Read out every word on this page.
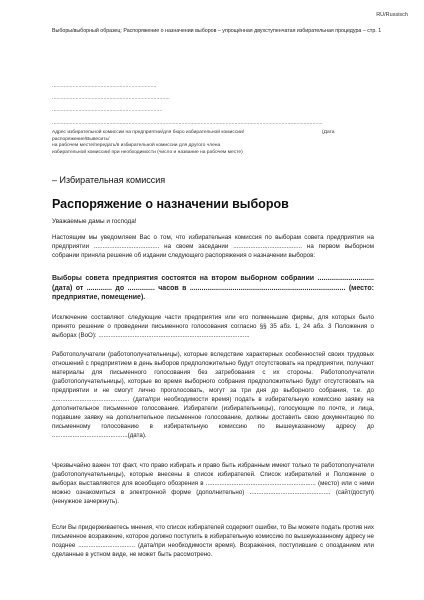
RU/Russisch
Выборы/выборный образец: Распоряжение о назначении выборов – упрощённая двухступенчатая избирательная процедура – стр. 1
.......................................................................
................................................................................
...........................................................................
........................................................................................................................................................................................
Адрес избирательной комиссии на предприятии/для бюро избирательной комиссии/
распоряжение/Вывесить/
на рабочем месте/передать/в избирательной комиссии для другого члена
избирательной комиссии/ при необходимости (число и название на рабочем месте)
(Дата
– Избирательная комиссия
Распоряжение о назначении выборов
Уважаемые дамы и господа!
Настоящим мы уведомляем Вас о том, что избирательная комиссия по выборам совета предприятия на предприятии ...................................... на своем заседании ........................................ на первом выборном собрании приняла решение об издании следующего распоряжения о назначении выборов:
Выборы совета предприятия состоятся на втором выборном собрании ............................. (дата) от ............. до .............. часов в ................................................................................ (место: предприятие, помещение).
Исключение составляют следующие части предприятия или его полменьшие фирмы, для которых было принято решение о проведении письменного голосования согласно §§ 35 абз. 1, 24 абз. 3 Положения о выборах (BoO): ........................................................................................
Работополучатели (работополучательницы), которые вследствие характерных особенностей своих трудовых отношений с предприятием в день выборов предположительно будут отсутствовать на предприятии, получают материалы для письменного голосования без затребования с их стороны. Работополучатели (работополучательницы), которые во время выборного собрания предположительно будут отсутствовать на предприятии и не смогут лично проголосовать, могут за три дня до выборного собрания, т.е. до ............................................. (дата/при необходимости время) подать в избирательную комиссию заявку на дополнительное письменное голосование. Избиратели (избирательницы), голосующие по почте, и лица, подавшие заявку на дополнительное письменное голосование, должны доставить свою документацию по письменному голосованию в избирательную комиссию по вышеуказанному адресу до ............................................(дата).
Чрезвычайно важен тот факт, что право избирать и право быть избранным имеют только те работополучатели (работополучательницы), которые внесены в список избирателей. Список избирателей и Положение о выборах выставляются для всеобщего обозрения в ................................................................ (место) или с ними можно ознакомиться в электронной форме (дополнительно) ............................................... (сайт/доступ) (ненужное зачеркнуть).
Если Вы придерживаетесь мнения, что список избирателей содержит ошибки, то Вы можете подать против них письменное возражение, которое должно поступить в избирательную комиссию по вышеуказанному адресу не позднее ................................. (дата/при необходимости время). Возражения, поступившие с опозданием или сделанные в устном виде, не может быть рассмотрено.
